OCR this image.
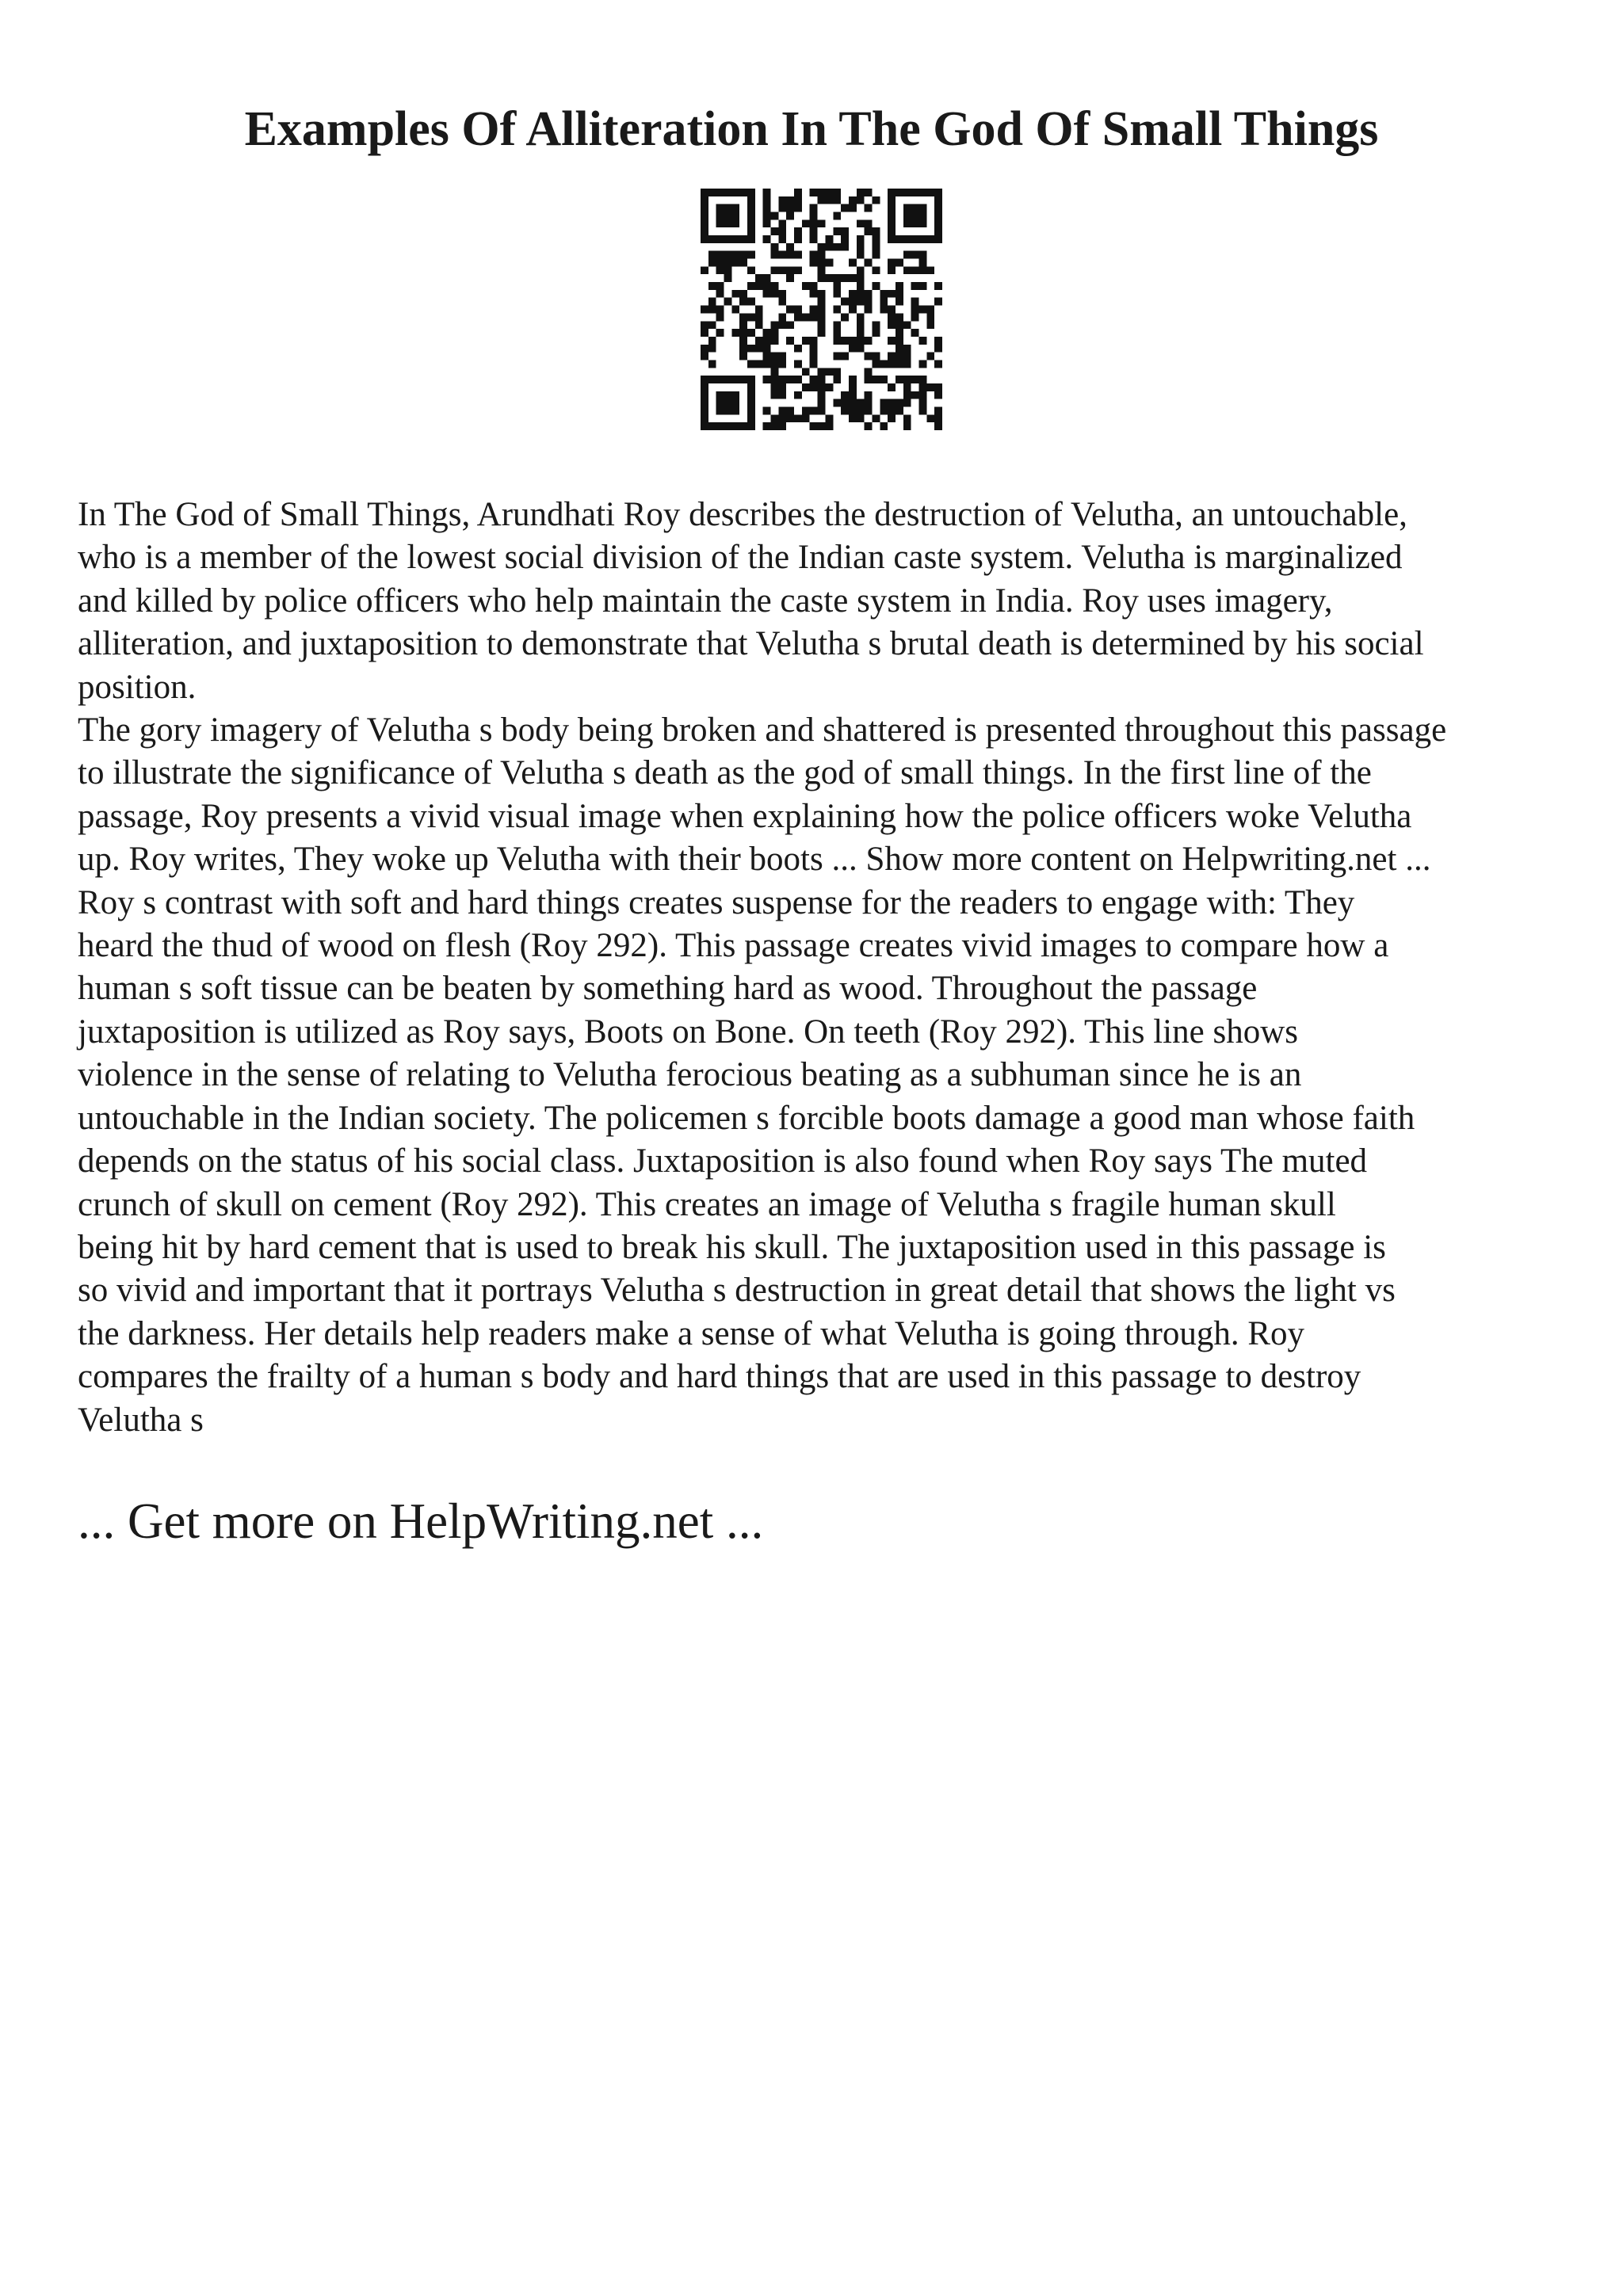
Examples Of Alliteration In The God Of Small Things

In The God of Small Things, Arundhati Roy describes the destruction of Velutha, an untouchable,
who is a member of the lowest social division of the Indian caste system. Velutha is marginalized
and killed by police officers who help maintain the caste system in India. Roy uses imagery,
alliteration, and juxtaposition to demonstrate that Velutha s brutal death is determined by his social
position.

The gory imagery of Velutha s body being broken and shattered is presented throughout this passage
to illustrate the significance of Velutha s death as the god of small things. In the first line of the
passage, Roy presents a vivid visual image when explaining how the police officers woke Velutha
up. Roy writes, They woke up Velutha with their boots ... Show more content on Helpwriting.net ...
Roy s contrast with soft and hard things creates suspense for the readers to engage with: They
heard the thud of wood on flesh (Roy 292). This passage creates vivid images to compare how a
human s soft tissue can be beaten by something hard as wood. Throughout the passage
juxtaposition is utilized as Roy says, Boots on Bone. On teeth (Roy 292). This line shows
violence in the sense of relating to Velutha ferocious beating as a subhuman since he is an
untouchable in the Indian society. The policemen s forcible boots damage a good man whose faith
depends on the status of his social class. Juxtaposition is also found when Roy says The muted
crunch of skull on cement (Roy 292). This creates an image of Velutha s fragile human skull
being hit by hard cement that is used to break his skull. The juxtaposition used in this passage is
so vivid and important that it portrays Velutha s destruction in great detail that shows the light vs
the darkness. Her details help readers make a sense of what Velutha is going through. Roy
compares the frailty of a human s body and hard things that are used in this passage to destroy
Velutha s

... Get more on HelpWriting.net ...
